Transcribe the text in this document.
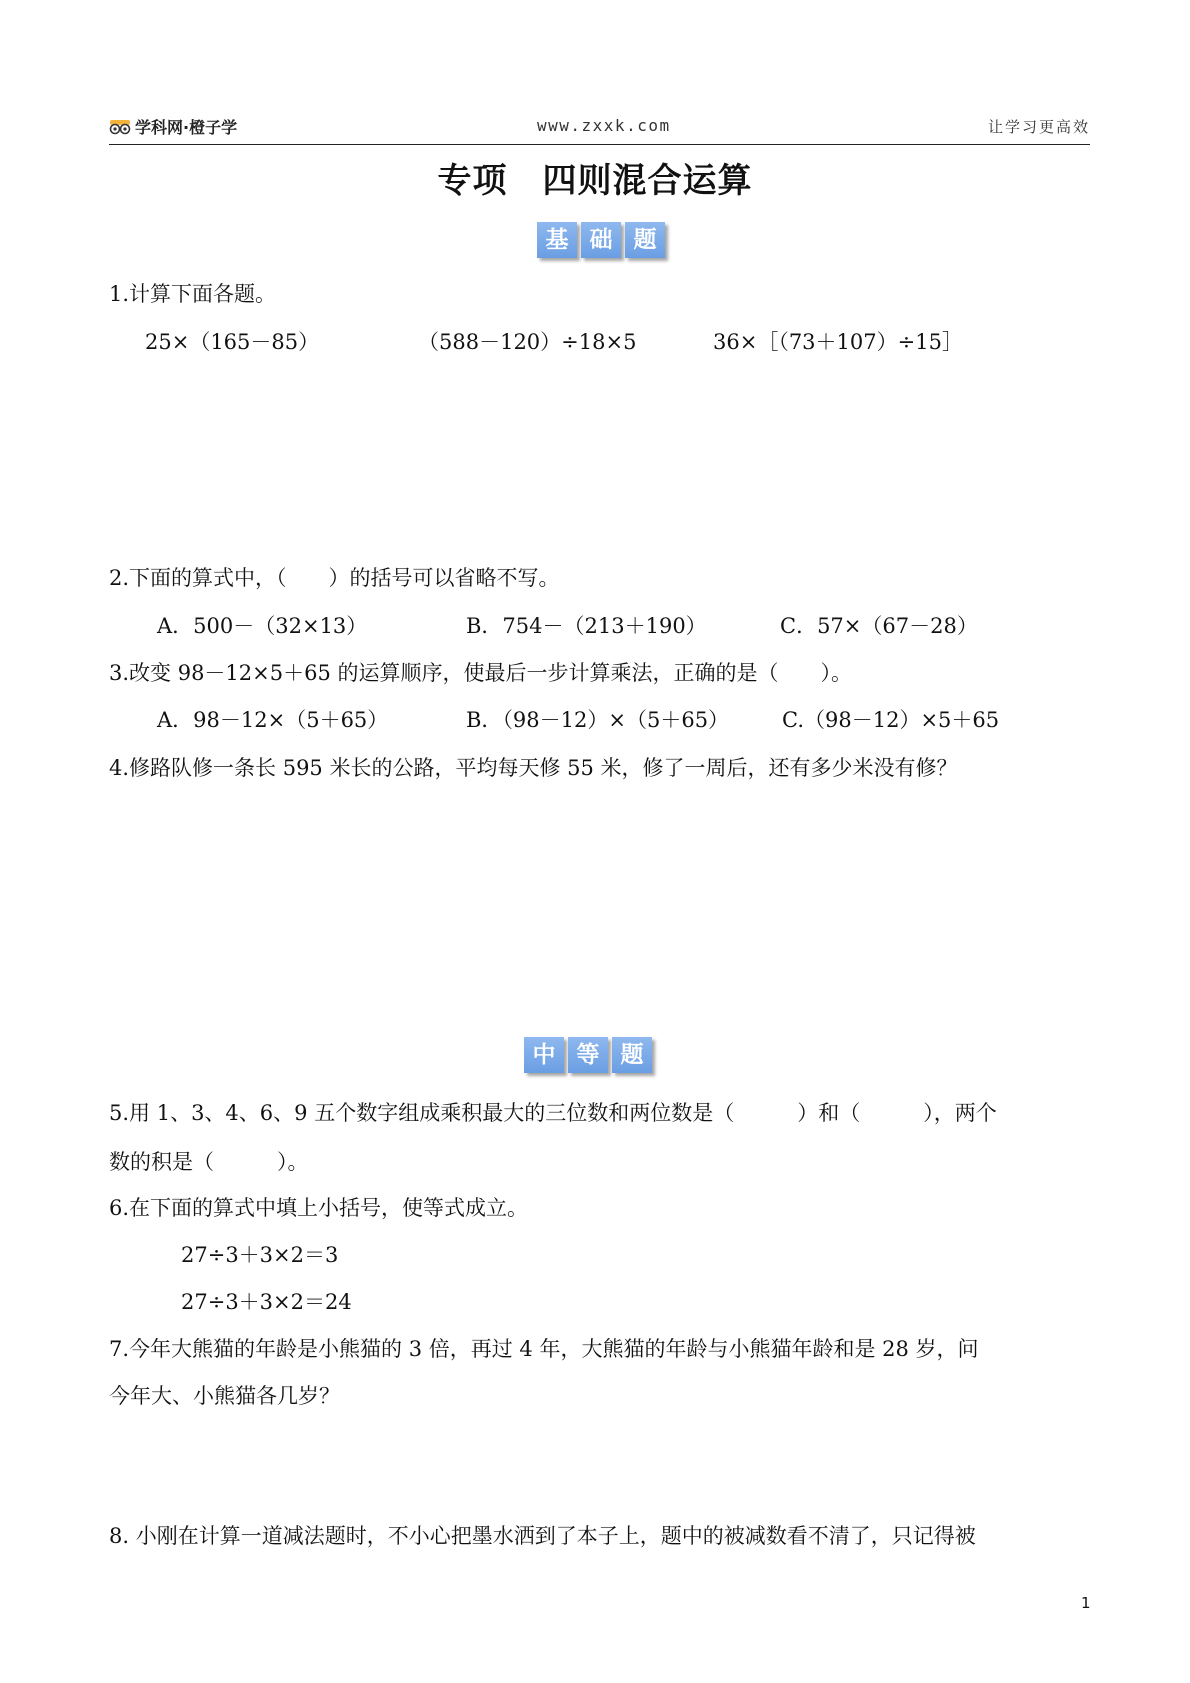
学科网·橙子学	www.zxxk.com	让学习更高效
专项　四则混合运算
基 础 题
1.计算下面各题。
25×（165－85）	（588－120）÷18×5	36×［（73＋107）÷15］
2.下面的算式中，（　　）的括号可以省略不写。
A．500－（32×13）	B．754－（213＋190）	C．57×（67－28）
3.改变 98－12×5＋65 的运算顺序，使最后一步计算乘法，正确的是（　　）。
A．98－12×（5＋65）	B．（98－12）×（5＋65）	C.（98－12）×5＋65
4.修路队修一条长 595 米长的公路，平均每天修 55 米，修了一周后，还有多少米没有修？
中 等 题
5.用 1、3、4、6、9 五个数字组成乘积最大的三位数和两位数是（　　　）和（　　　），两个
数的积是（　　　）。
6.在下面的算式中填上小括号，使等式成立。
27÷3＋3×2＝3
27÷3＋3×2＝24
7.今年大熊猫的年龄是小熊猫的 3 倍，再过 4 年，大熊猫的年龄与小熊猫年龄和是 28 岁，问
今年大、小熊猫各几岁？
8. 小刚在计算一道减法题时，不小心把墨水洒到了本子上，题中的被减数看不清了，只记得被
1
